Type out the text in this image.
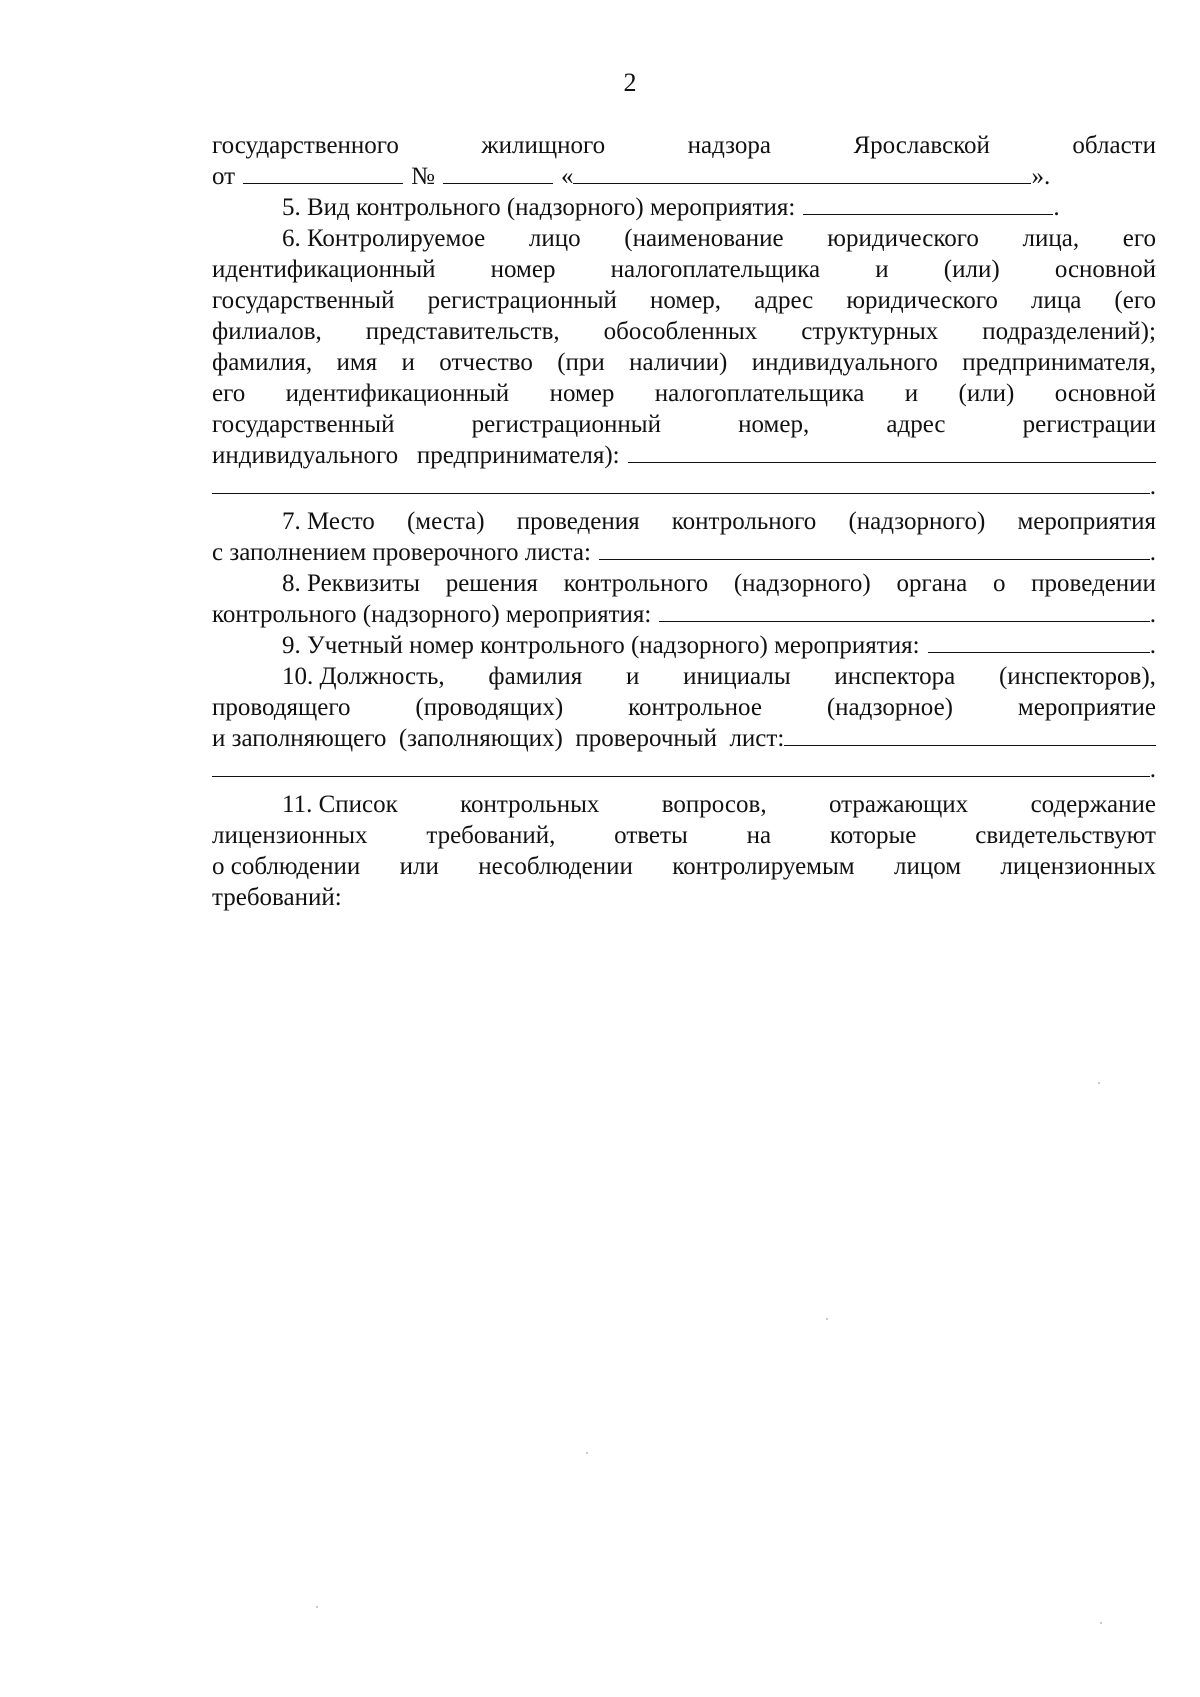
2
государственного	жилищного	надзора	Ярославской	области
от	№	«	».
5. Вид контрольного (надзорного) мероприятия:	.
6. Контролируемое лицо (наименование юридического лица, его
идентификационный номер налогоплательщика и (или) основной
государственный регистрационный номер, адрес юридического лица (его
филиалов, представительств, обособленных структурных подразделений);
фамилия, имя и отчество (при наличии) индивидуального предпринимателя,
его идентификационный номер налогоплательщика и (или) основной
государственный	регистрационный	номер,	адрес	регистрации
индивидуального   предпринимателя):
.
7. Место (места) проведения контрольного (надзорного) мероприятия
с заполнением проверочного листа:	.
8. Реквизиты решения контрольного (надзорного) органа о проведении
контрольного (надзорного) мероприятия:	.
9. Учетный номер контрольного (надзорного) мероприятия:	.
10. Должность, фамилия и инициалы инспектора (инспекторов),
проводящего	(проводящих)	контрольное	(надзорное)	мероприятие
и заполняющего  (заполняющих)  проверочный  лист:
.
11. Список контрольных вопросов, отражающих содержание
лицензионных требований, ответы на которые свидетельствуют
о соблюдении или несоблюдении контролируемым лицом лицензионных
требований:
